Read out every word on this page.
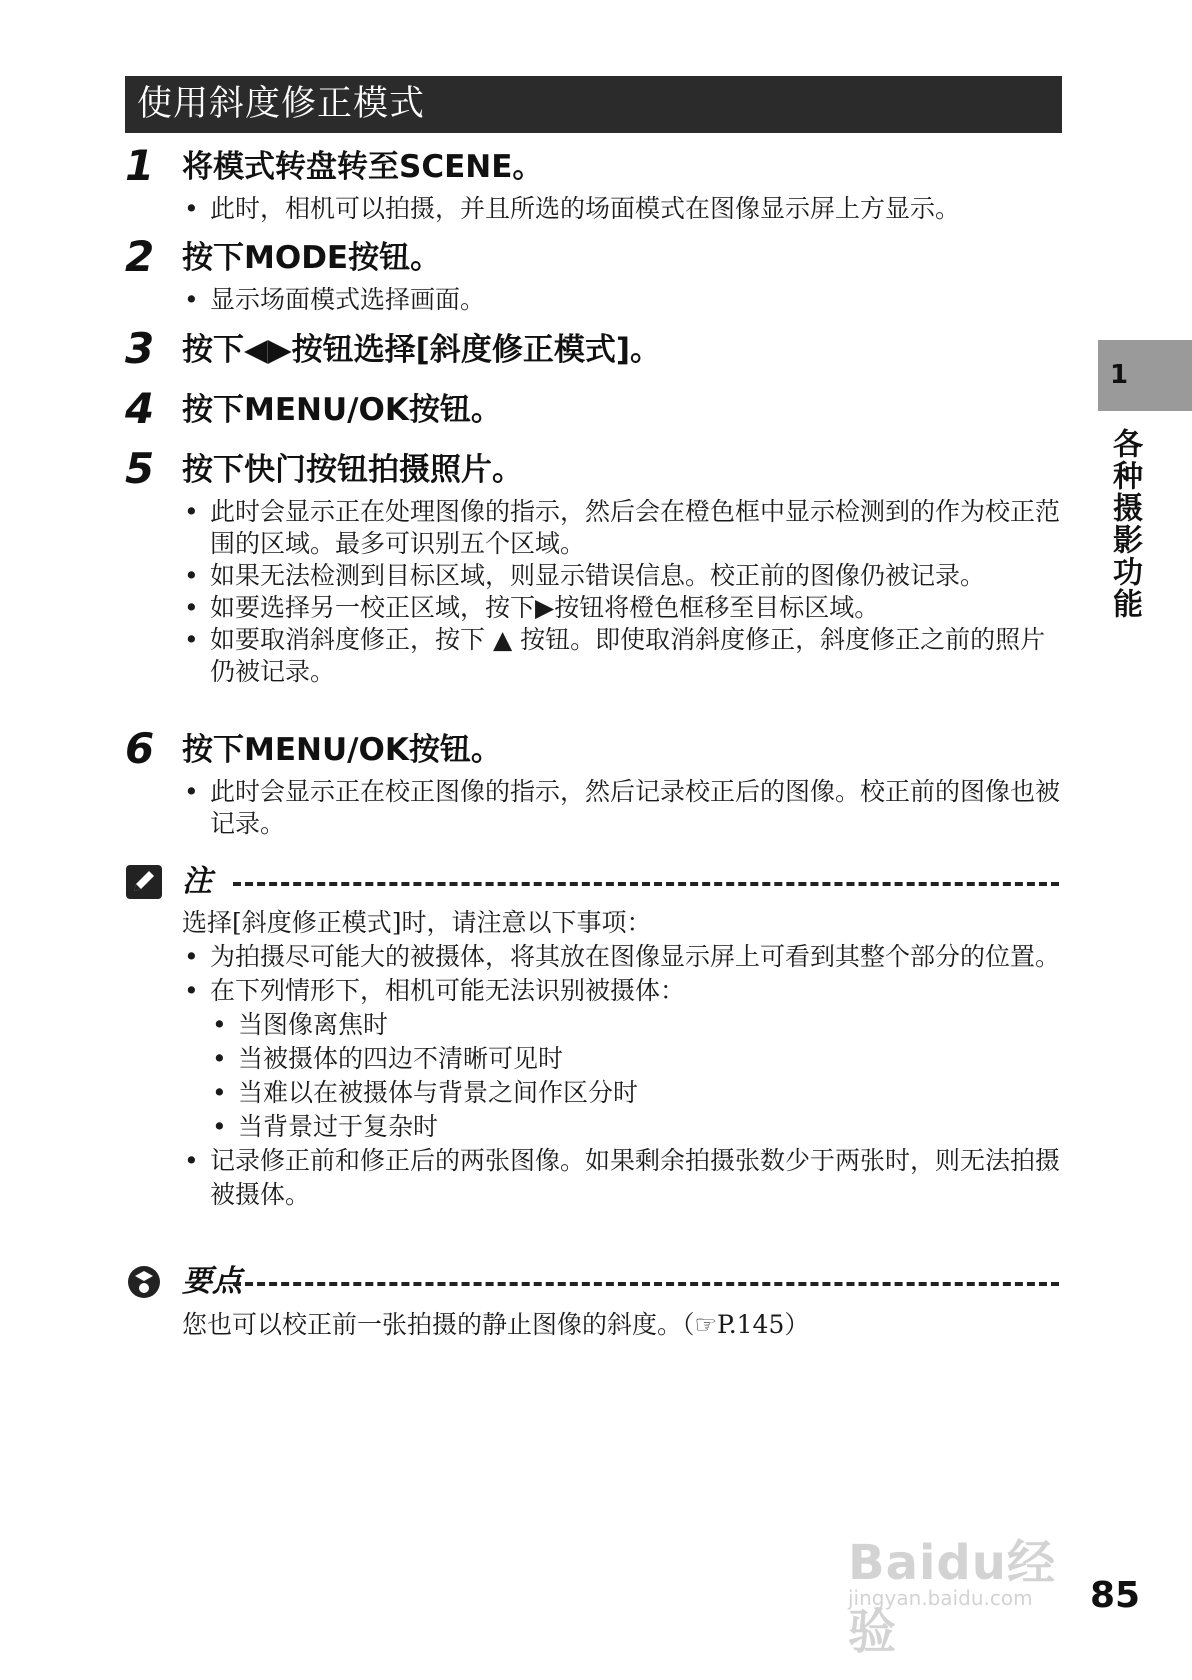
使用斜度修正模式
1
各种摄影功能
1 将模式转盘转至SCENE。
• 此时，相机可以拍摄，并且所选的场面模式在图像显示屏上方显示。
2 按下MODE按钮。
• 显示场面模式选择画面。
3 按下◀▶按钮选择[斜度修正模式]。
4 按下MENU/OK按钮。
5 按下快门按钮拍摄照片。
• 此时会显示正在处理图像的指示，然后会在橙色框中显示检测到的作为校正范围的区域。最多可识别五个区域。
• 如果无法检测到目标区域，则显示错误信息。校正前的图像仍被记录。
• 如要选择另一校正区域，按下▶按钮将橙色框移至目标区域。
• 如要取消斜度修正，按下 ▲ 按钮。即使取消斜度修正，斜度修正之前的照片仍被记录。
6 按下MENU/OK按钮。
• 此时会显示正在校正图像的指示，然后记录校正后的图像。校正前的图像也被记录。
注
选择[斜度修正模式]时，请注意以下事项：
• 为拍摄尽可能大的被摄体，将其放在图像显示屏上可看到其整个部分的位置。
• 在下列情形下，相机可能无法识别被摄体：
• 当图像离焦时
• 当被摄体的四边不清晰可见时
• 当难以在被摄体与背景之间作区分时
• 当背景过于复杂时
• 记录修正前和修正后的两张图像。如果剩余拍摄张数少于两张时，则无法拍摄被摄体。
要点
您也可以校正前一张拍摄的静止图像的斜度。（☞P.145）
Baidu经验
jingyan.baidu.com 85
